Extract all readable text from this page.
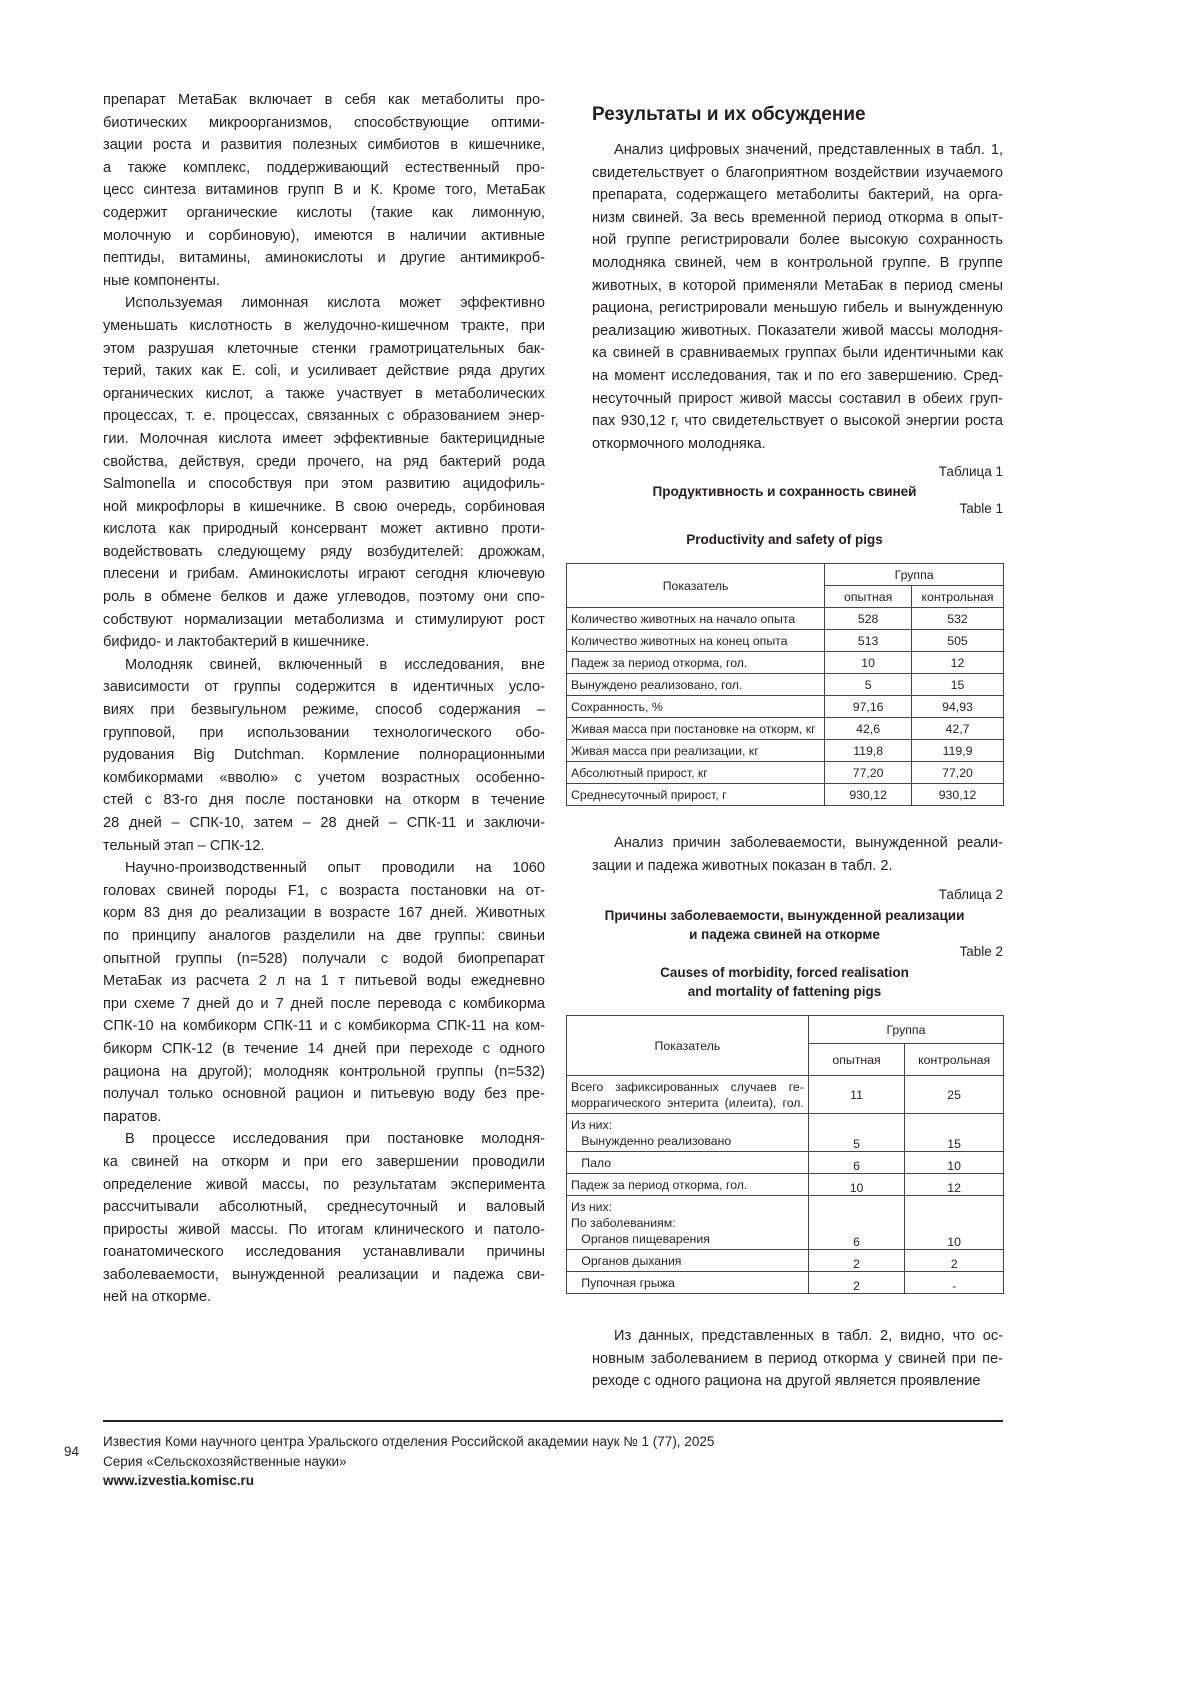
препарат МетаБак включает в себя как метаболиты про-
биотических микроорганизмов, способствующие оптими-
зации роста и развития полезных симбиотов в кишечнике,
а также комплекс, поддерживающий естественный про-
цесс синтеза витаминов групп В и К. Кроме того, МетаБак
содержит органические кислоты (такие как лимонную,
молочную и сорбиновую), имеются в наличии активные
пептиды, витамины, аминокислоты и другие антимикроб-
ные компоненты.
Используемая лимонная кислота может эффективно
уменьшать кислотность в желудочно-кишечном тракте, при
этом разрушая клеточные стенки грамотрицательных бак-
терий, таких как E. coli, и усиливает действие ряда других
органических кислот, а также участвует в метаболических
процессах, т. е. процессах, связанных с образованием энер-
гии. Молочная кислота имеет эффективные бактерицидные
свойства, действуя, среди прочего, на ряд бактерий рода
Salmonella и способствуя при этом развитию ацидофиль-
ной микрофлоры в кишечнике. В свою очередь, сорбиновая
кислота как природный консервант может активно проти-
водействовать следующему ряду возбудителей: дрожжам,
плесени и грибам. Аминокислоты играют сегодня ключевую
роль в обмене белков и даже углеводов, поэтому они спо-
собствуют нормализации метаболизма и стимулируют рост
бифидо- и лактобактерий в кишечнике.
Молодняк свиней, включенный в исследования, вне
зависимости от группы содержится в идентичных усло-
виях при безвыгульном режиме, способ содержания –
групповой, при использовании технологического обо-
рудования Big Dutchman. Кормление полнорационными
комбикормами «вволю» с учетом возрастных особенно-
стей с 83-го дня после постановки на откорм в течение
28 дней – СПК-10, затем – 28 дней – СПК-11 и заключи-
тельный этап – СПК-12.
Научно-производственный опыт проводили на 1060
головах свиней породы F1, с возраста постановки на от-
корм 83 дня до реализации в возрасте 167 дней. Животных
по принципу аналогов разделили на две группы: свиньи
опытной группы (n=528) получали с водой биопрепарат
МетаБак из расчета 2 л на 1 т питьевой воды ежедневно
при схеме 7 дней до и 7 дней после перевода с комбикорма
СПК-10 на комбикорм СПК-11 и с комбикорма СПК-11 на ком-
бикорм СПК-12 (в течение 14 дней при переходе с одного
рациона на другой); молодняк контрольной группы (n=532)
получал только основной рацион и питьевую воду без пре-
паратов.
В процессе исследования при постановке молодня-
ка свиней на откорм и при его завершении проводили
определение живой массы, по результатам эксперимента
рассчитывали абсолютный, среднесуточный и валовый
приросты живой массы. По итогам клинического и патоло-
гоанатомического исследования устанавливали причины
заболеваемости, вынужденной реализации и падежа сви-
ней на откорме.
Результаты и их обсуждение
Анализ цифровых значений, представленных в табл. 1,
свидетельствует о благоприятном воздействии изучаемого
препарата, содержащего метаболиты бактерий, на орга-
низм свиней. За весь временной период откорма в опыт-
ной группе регистрировали более высокую сохранность
молодняка свиней, чем в контрольной группе. В группе
животных, в которой применяли МетаБак в период смены
рациона, регистрировали меньшую гибель и вынужденную
реализацию животных. Показатели живой массы молодня-
ка свиней в сравниваемых группах были идентичными как
на момент исследования, так и по его завершению. Сред-
несуточный прирост живой массы составил в обеих груп-
пах 930,12 г, что свидетельствует о высокой энергии роста
откормочного молодняка.
Таблица 1
Продуктивность и сохранность свиней
Table 1
Productivity and safety of pigs
Показатель	Группа
опытная	контрольная
Количество животных на начало опыта	528	532
Количество животных на конец опыта	513	505
Падеж за период откорма, гол.	10	12
Вынуждено реализовано, гол.	5	15
Сохранность, %	97,16	94,93
Живая масса при постановке на откорм, кг	42,6	42,7
Живая масса при реализации, кг	119,8	119,9
Абсолютный прирост, кг	77,20	77,20
Среднесуточный прирост, г	930,12	930,12
Анализ причин заболеваемости, вынужденной реали-
зации и падежа животных показан в табл. 2.
Таблица 2
Причины заболеваемости, вынужденной реализации
и падежа свиней на откорме
Table 2
Causes of morbidity, forced realisation
and mortality of fattening pigs
Показатель	Группа
опытная	контрольная

Всего зафиксированных случаев ге-
моррагического энтерита (илеита), гол.
	11	25

Из них:
Вынужденно реализовано	5	15

Пало	6	10

Падеж за период откорма, гол.	10	12

Из них:
По заболеваниям:
Органов пищеварения	6	10

Органов дыхания	2	2

Пупочная грыжа	2	-
Из данных, представленных в табл. 2, видно, что ос-
новным заболеванием в период откорма у свиней при пе-
реходе с одного рациона на другой является проявление
94
Известия Коми научного центра Уральского отделения Российской академии наук № 1 (77), 2025
Серия «Сельскохозяйственные науки»
www.izvestia.komisc.ru
